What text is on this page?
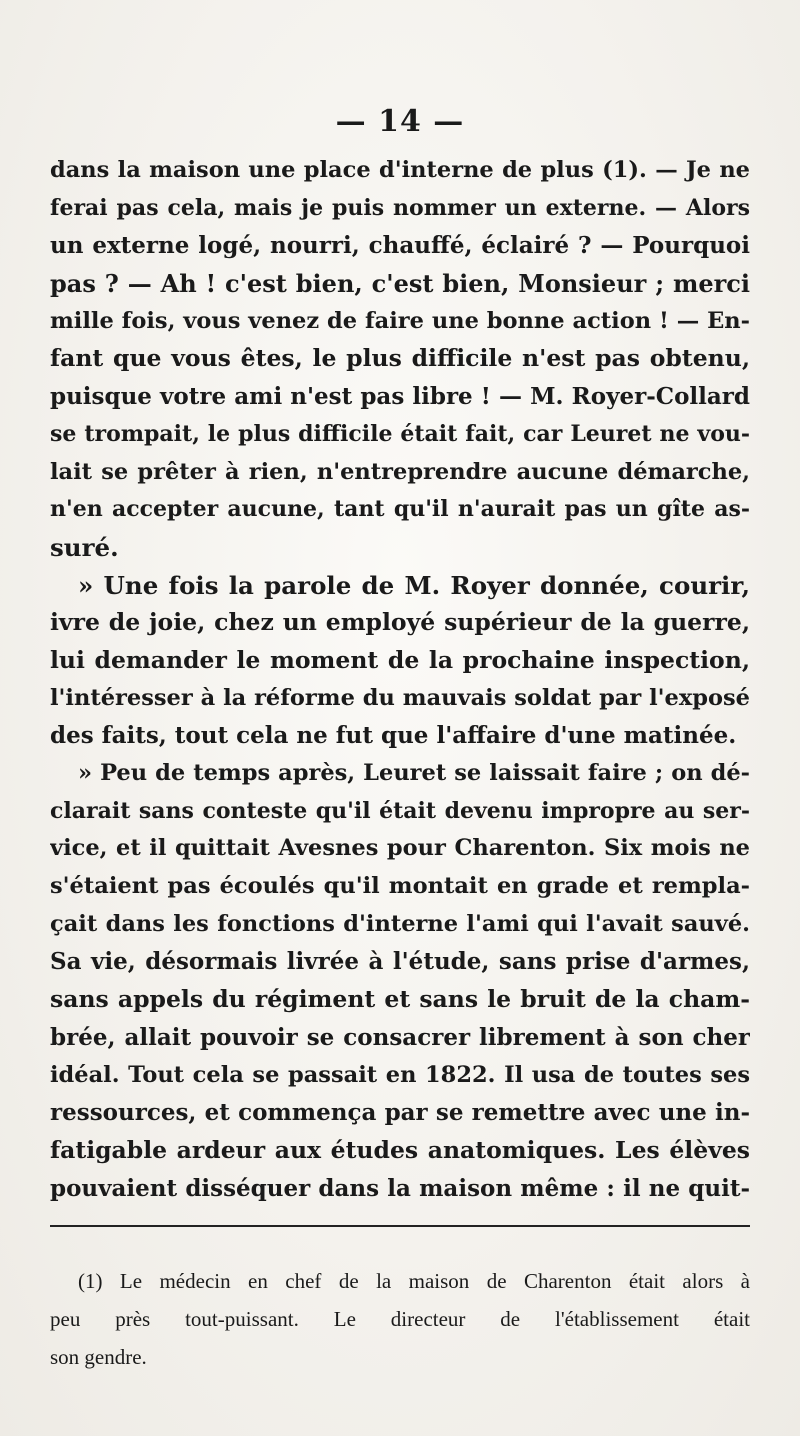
— 14 —
dans la maison une place d'interne de plus (1). — Je ne
ferai pas cela, mais je puis nommer un externe. — Alors
un externe logé, nourri, chauffé, éclairé ? — Pourquoi
pas ? — Ah ! c'est bien, c'est bien, Monsieur ; merci
mille fois, vous venez de faire une bonne action ! — En-
fant que vous êtes, le plus difficile n'est pas obtenu,
puisque votre ami n'est pas libre ! — M. Royer-Collard
se trompait, le plus difficile était fait, car Leuret ne vou-
lait se prêter à rien, n'entreprendre aucune démarche,
n'en accepter aucune, tant qu'il n'aurait pas un gîte as-
suré.
» Une fois la parole de M. Royer donnée, courir,
ivre de joie, chez un employé supérieur de la guerre,
lui demander le moment de la prochaine inspection,
l'intéresser à la réforme du mauvais soldat par l'exposé
des faits, tout cela ne fut que l'affaire d'une matinée.
» Peu de temps après, Leuret se laissait faire ; on dé-
clarait sans conteste qu'il était devenu impropre au ser-
vice, et il quittait Avesnes pour Charenton. Six mois ne
s'étaient pas écoulés qu'il montait en grade et rempla-
çait dans les fonctions d'interne l'ami qui l'avait sauvé.
Sa vie, désormais livrée à l'étude, sans prise d'armes,
sans appels du régiment et sans le bruit de la cham-
brée, allait pouvoir se consacrer librement à son cher
idéal. Tout cela se passait en 1822. Il usa de toutes ses
ressources, et commença par se remettre avec une in-
fatigable ardeur aux études anatomiques. Les élèves
pouvaient disséquer dans la maison même : il ne quit-
(1) Le médecin en chef de la maison de Charenton était alors à
peu près tout-puissant. Le directeur de l'établissement était
son gendre.
